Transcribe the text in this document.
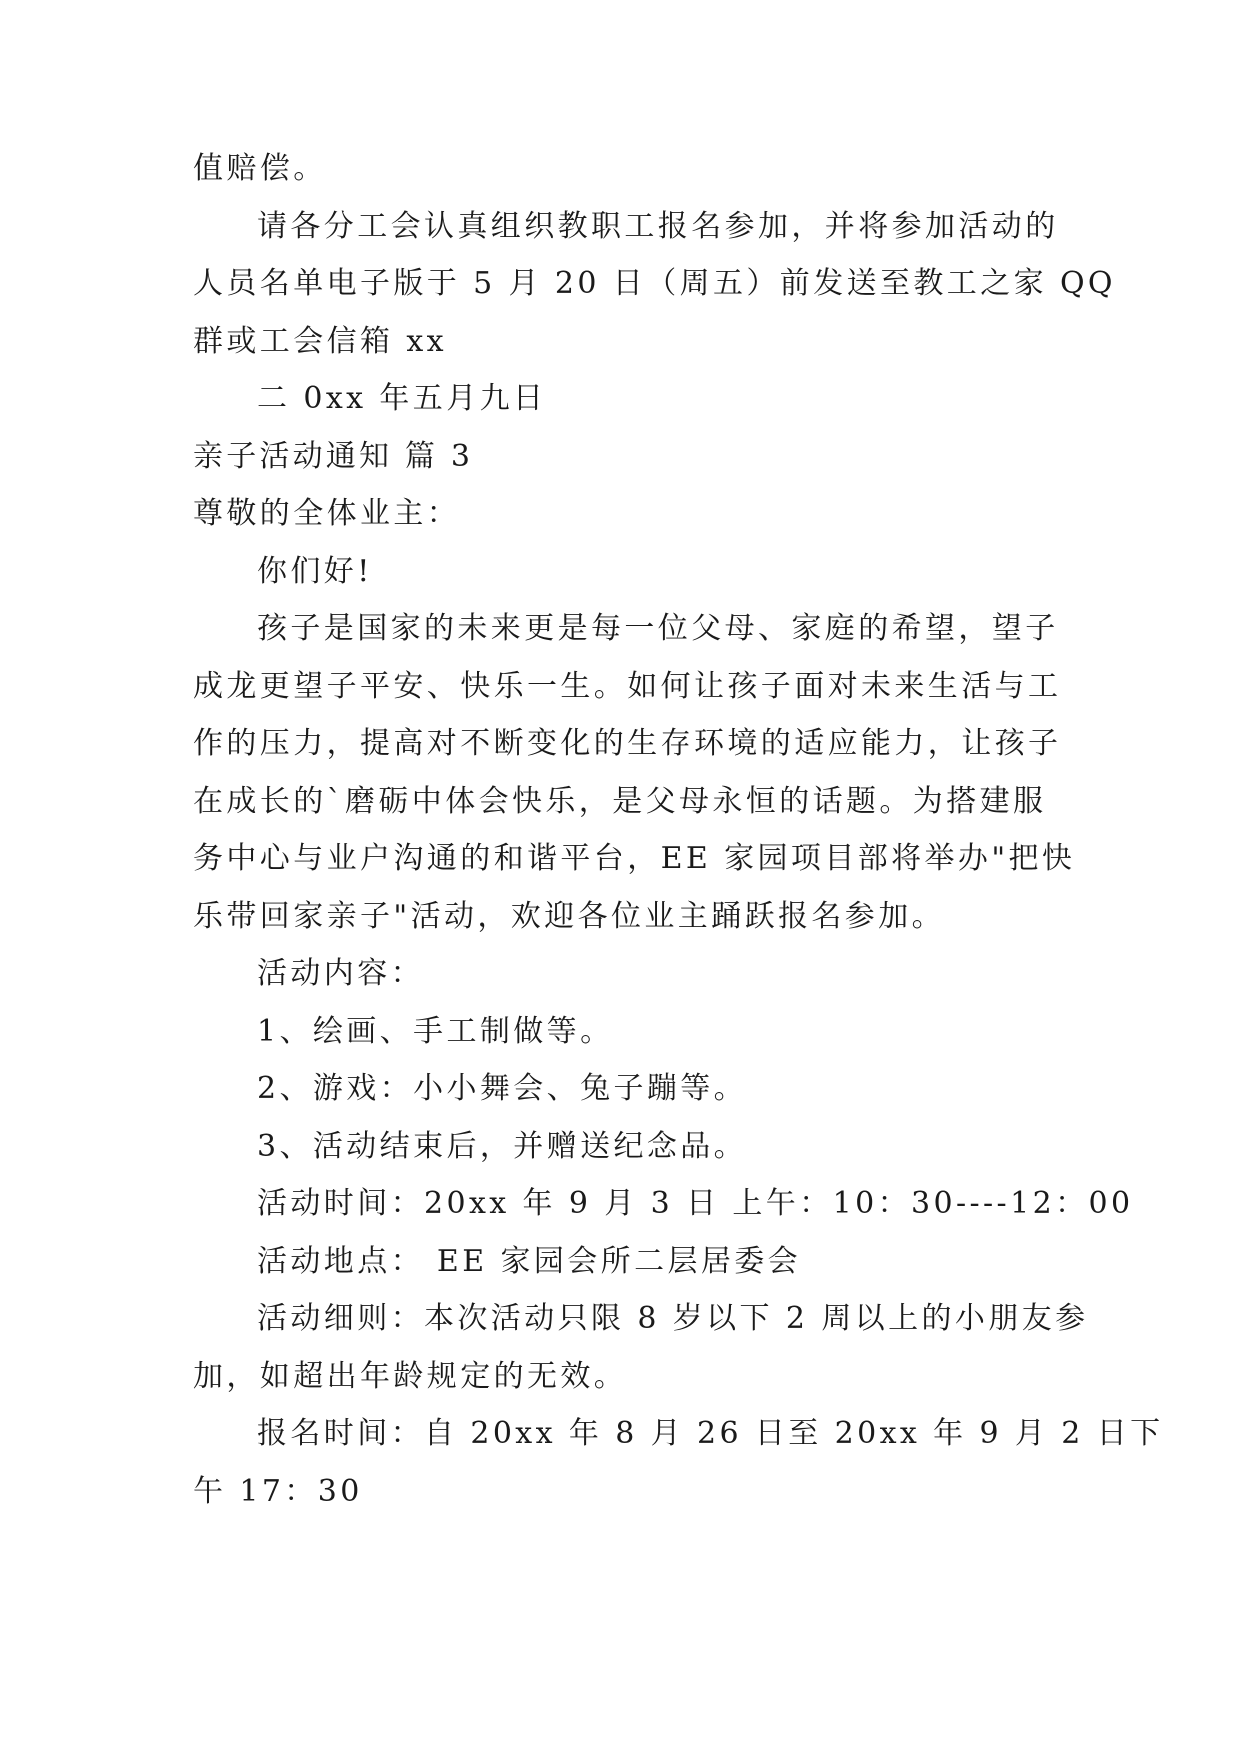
值赔偿。
请各分工会认真组织教职工报名参加，并将参加活动的
人员名单电子版于 5 月 20 日（周五）前发送至教工之家 QQ
群或工会信箱 xx
二 0xx 年五月九日
亲子活动通知 篇 3
尊敬的全体业主：
你们好!
孩子是国家的未来更是每一位父母、家庭的希望，望子
成龙更望子平安、快乐一生。如何让孩子面对未来生活与工
作的压力，提高对不断变化的生存环境的适应能力，让孩子
在成长的`磨砺中体会快乐，是父母永恒的话题。为搭建服
务中心与业户沟通的和谐平台，EE 家园项目部将举办"把快
乐带回家亲子"活动，欢迎各位业主踊跃报名参加。
活动内容：
1、绘画、手工制做等。
2、游戏：小小舞会、兔子蹦等。
3、活动结束后，并赠送纪念品。
活动时间：20xx 年 9 月 3 日 上午：10：30----12：00
活动地点： EE 家园会所二层居委会
活动细则：本次活动只限 8 岁以下 2 周以上的小朋友参
加，如超出年龄规定的无效。
报名时间：自 20xx 年 8 月 26 日至 20xx 年 9 月 2 日下
午 17：30
